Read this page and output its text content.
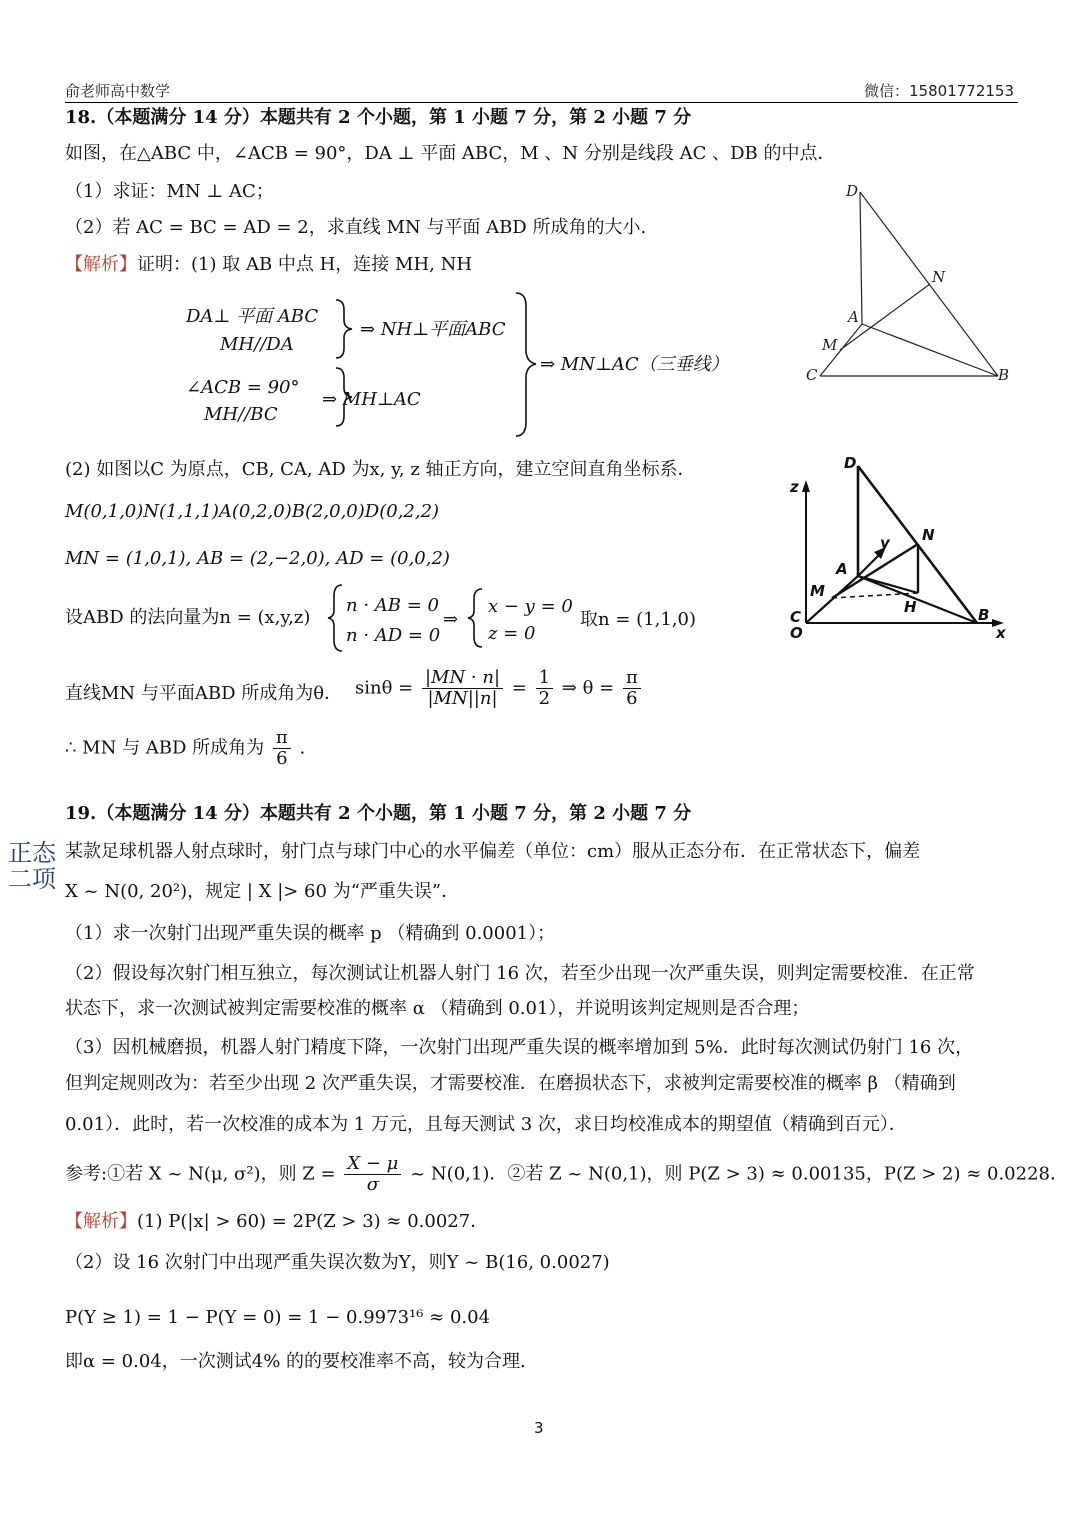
俞老师高中数学	微信：15801772153
18.（本题满分 14 分）本题共有 2 个小题，第 1 小题 7 分，第 2 小题 7 分
如图，在△ABC 中，∠ACB = 90°，DA ⊥ 平面 ABC，M 、N 分别是线段 AC 、DB 的中点．
（1）求证：MN ⊥ AC；
（2）若 AC = BC = AD = 2，求直线 MN 与平面 ABD 所成角的大小.
【解析】证明：(1) 取 AB 中点 H，连接 MH, NH
DA⊥ 平面 ABC
MH//DA
∠ACB = 90°
MH//BC
⇒ NH⊥平面ABC
⇒ MH⊥AC
⇒ MN⊥AC（三垂线）
D
N
A
M
C	B
(2) 如图以C 为原点，CB, CA, AD 为x, y, z 轴正方向，建立空间直角坐标系．
M(0,1,0)N(1,1,1)A(0,2,0)B(2,0,0)D(0,2,2)
MN = (1,0,1), AB = (2,−2,0), AD = (0,0,2)
设ABD 的法向量为n = (x,y,z)
n · AB = 0
n · AD = 0
⇒
x − y = 0
z = 0
取n = (1,1,0)
直线MN 与平面ABD 所成角为θ． $\sin\theta = \frac{|MN \cdot n|}{|MN||n|} = \frac{1}{2}$ ⇒ $\theta = \frac{\pi}{6}$
∴ MN 与 ABD 所成角为 $\frac{\pi}{6}$ .
D
z
y N
A
M
H
C
O
B
x
19.（本题满分 14 分）本题共有 2 个小题，第 1 小题 7 分，第 2 小题 7 分
正态二项
某款足球机器人射点球时，射门点与球门中心的水平偏差（单位：cm）服从正态分布．在正常状态下，偏差
X ~ N(0, 20²)，规定 | X |> 60 为“严重失误”．
（1）求一次射门出现严重失误的概率 p （精确到 0.0001）；
（2）假设每次射门相互独立，每次测试让机器人射门 16 次，若至少出现一次严重失误，则判定需要校准．在正常
状态下，求一次测试被判定需要校准的概率 α （精确到 0.01），并说明该判定规则是否合理；
（3）因机械磨损，机器人射门精度下降，一次射门出现严重失误的概率增加到 5%．此时每次测试仍射门 16 次，
但判定规则改为：若至少出现 2 次严重失误，才需要校准．在磨损状态下，求被判定需要校准的概率 β （精确到
0.01）．此时，若一次校准的成本为 1 万元，且每天测试 3 次，求日均校准成本的期望值（精确到百元）．
参考:①若 X ~ N(μ, σ²)，则 $Z = \frac{X - \mu}{\sigma}$ ~ N(0,1)．②若 Z ~ N(0,1)，则 P(Z > 3) ≈ 0.00135，P(Z > 2) ≈ 0.0228．
【解析】(1) P(|x| > 60) = 2P(Z > 3) ≈ 0.0027．
（2）设 16 次射门中出现严重失误次数为Y，则Y ~ B(16, 0.0027)
P(Y ≥ 1) = 1 − P(Y = 0) = 1 − 0.9973¹⁶ ≈ 0.04
即α = 0.04，一次测试4% 的的要校准率不高，较为合理.
3
